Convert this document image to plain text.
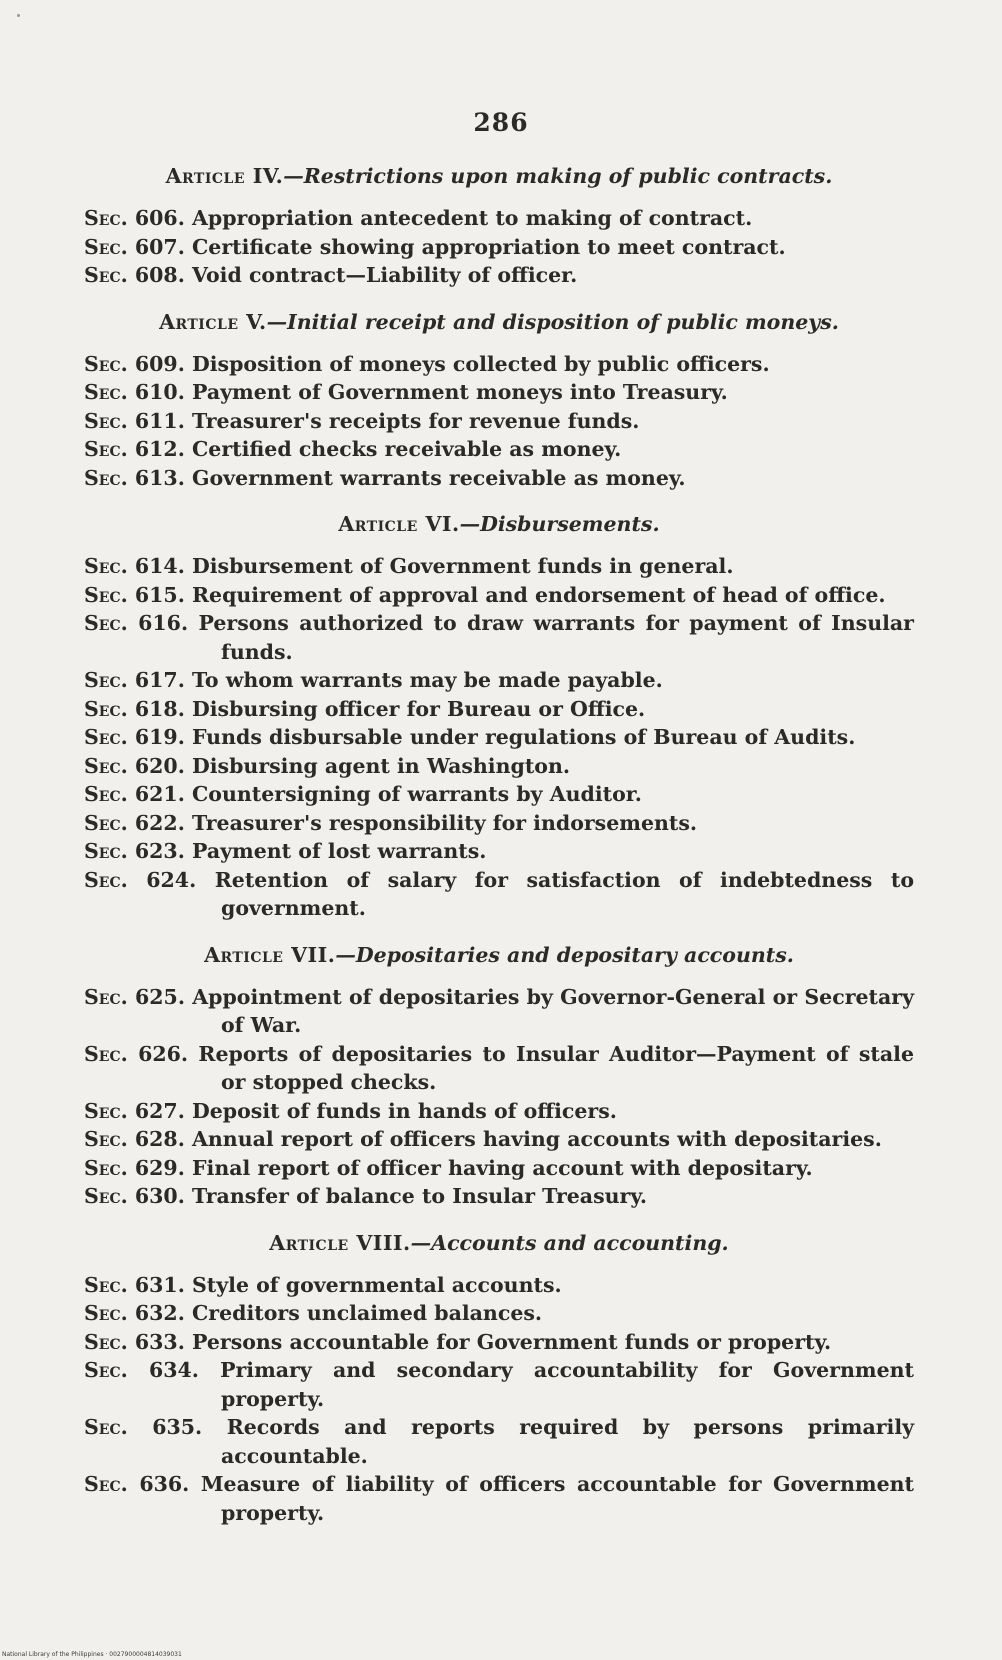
286

Article IV.—Restrictions upon making of public contracts.

Sec. 606. Appropriation antecedent to making of contract.
Sec. 607. Certificate showing appropriation to meet contract.
Sec. 608. Void contract—Liability of officer.

Article V.—Initial receipt and disposition of public moneys.

Sec. 609. Disposition of moneys collected by public officers.
Sec. 610. Payment of Government moneys into Treasury.
Sec. 611. Treasurer's receipts for revenue funds.
Sec. 612. Certified checks receivable as money.
Sec. 613. Government warrants receivable as money.

Article VI.—Disbursements.

Sec. 614. Disbursement of Government funds in general.
Sec. 615. Requirement of approval and endorsement of head of office.
Sec. 616. Persons authorized to draw warrants for payment of Insular funds.
Sec. 617. To whom warrants may be made payable.
Sec. 618. Disbursing officer for Bureau or Office.
Sec. 619. Funds disbursable under regulations of Bureau of Audits.
Sec. 620. Disbursing agent in Washington.
Sec. 621. Countersigning of warrants by Auditor.
Sec. 622. Treasurer's responsibility for indorsements.
Sec. 623. Payment of lost warrants.
Sec. 624. Retention of salary for satisfaction of indebtedness to government.

Article VII.—Depositaries and depositary accounts.

Sec. 625. Appointment of depositaries by Governor-General or Secretary of War.
Sec. 626. Reports of depositaries to Insular Auditor—Payment of stale or stopped checks.
Sec. 627. Deposit of funds in hands of officers.
Sec. 628. Annual report of officers having accounts with depositaries.
Sec. 629. Final report of officer having account with depositary.
Sec. 630. Transfer of balance to Insular Treasury.

Article VIII.—Accounts and accounting.

Sec. 631. Style of governmental accounts.
Sec. 632. Creditors unclaimed balances.
Sec. 633. Persons accountable for Government funds or property.
Sec. 634. Primary and secondary accountability for Government property.
Sec. 635. Records and reports required by persons primarily accountable.
Sec. 636. Measure of liability of officers accountable for Government property.
National Library of the Philippines · 0027900004814039031
